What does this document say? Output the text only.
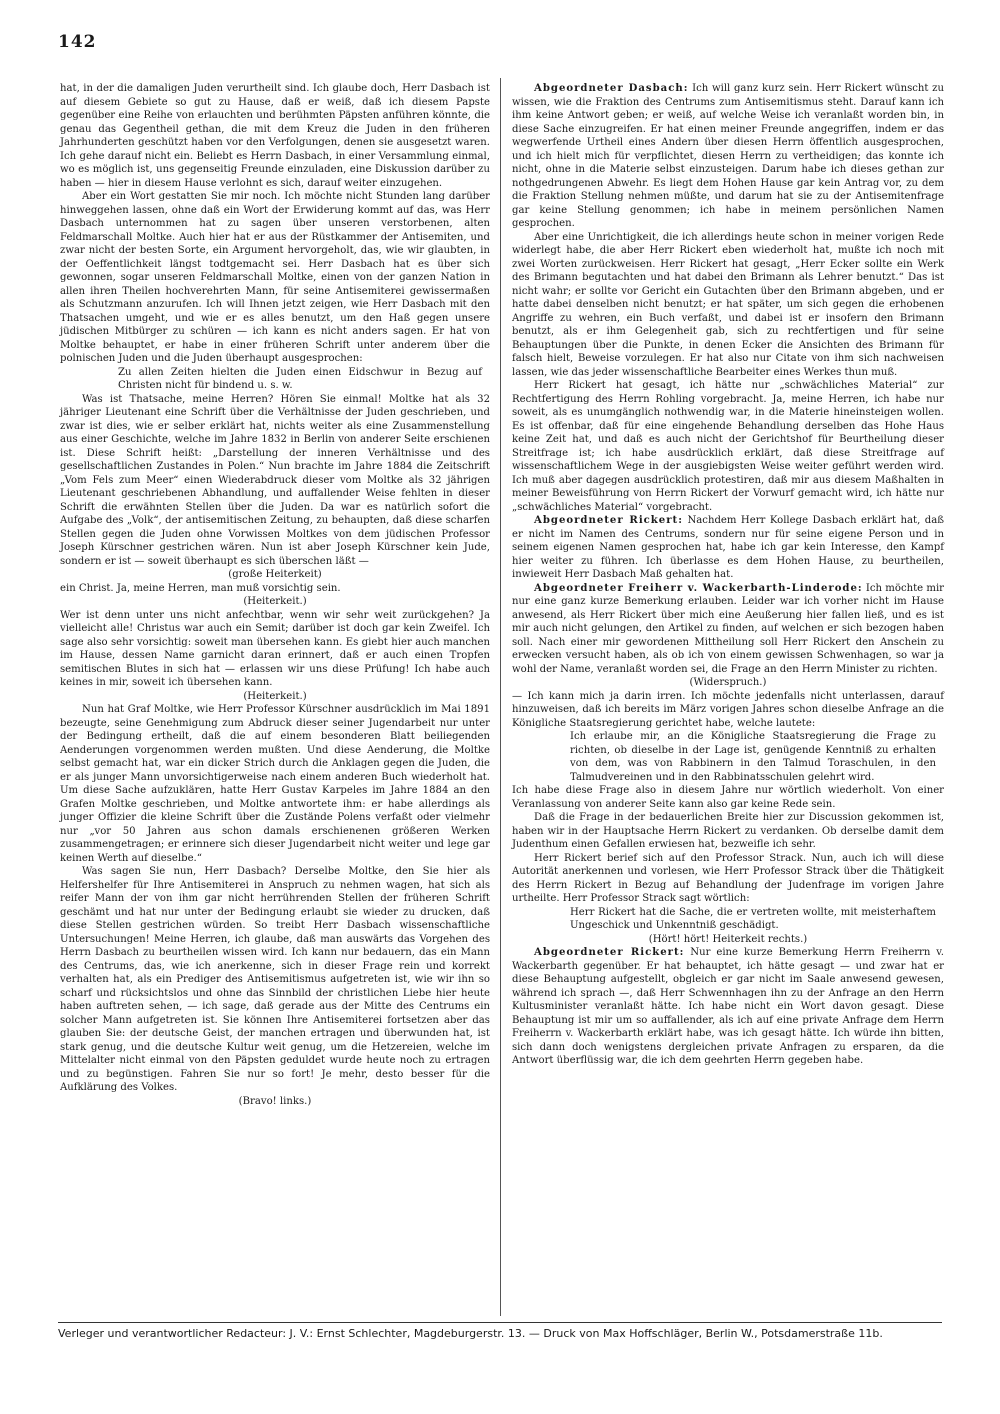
142

hat, in der die damaligen Juden verurtheilt sind. Ich glaube doch, Herr Dasbach ist auf diesem Gebiete so gut zu Hause, daß er weiß, daß ich diesem Papste gegenüber eine Reihe von erlauchten und berühmten Päpsten anführen könnte, die genau das Gegentheil gethan, die mit dem Kreuz die Juden in den früheren Jahrhunderten geschützt haben vor den Verfolgungen, denen sie ausgesetzt waren. Ich gehe darauf nicht ein. Beliebt es Herrn Dasbach, in einer Versammlung einmal, wo es möglich ist, uns gegenseitig Freunde einzuladen, eine Diskussion darüber zu haben — hier in diesem Hause verlohnt es sich, darauf weiter einzugehen.

Aber ein Wort gestatten Sie mir noch. Ich möchte nicht Stunden lang darüber hinweggehen lassen, ohne daß ein Wort der Erwiderung kommt auf das, was Herr Dasbach unternommen hat zu sagen über unseren verstorbenen, alten Feldmarschall Moltke. Auch hier hat er aus der Rüstkammer der Antisemiten, und zwar nicht der besten Sorte, ein Argument hervorgeholt, das, wie wir glaubten, in der Oeffentlichkeit längst todtgemacht sei. Herr Dasbach hat es über sich gewonnen, sogar unseren Feldmarschall Moltke, einen von der ganzen Nation in allen ihren Theilen hochverehrten Mann, für seine Antisemiterei gewissermaßen als Schutzmann anzurufen. Ich will Ihnen jetzt zeigen, wie Herr Dasbach mit den Thatsachen umgeht, und wie er es alles benutzt, um den Haß gegen unsere jüdischen Mitbürger zu schüren — ich kann es nicht anders sagen. Er hat von Moltke behauptet, er habe in einer früheren Schrift unter anderem über die polnischen Juden und die Juden überhaupt ausgesprochen:

Zu allen Zeiten hielten die Juden einen Eidschwur in Bezug auf Christen nicht für bindend u. s. w.

Was ist Thatsache, meine Herren? Hören Sie einmal! Moltke hat als 32 jähriger Lieutenant eine Schrift über die Verhältnisse der Juden geschrieben, und zwar ist dies, wie er selber erklärt hat, nichts weiter als eine Zusammenstellung aus einer Geschichte, welche im Jahre 1832 in Berlin von anderer Seite erschienen ist. Diese Schrift heißt: „Darstellung der inneren Verhältnisse und des gesellschaftlichen Zustandes in Polen.“ Nun brachte im Jahre 1884 die Zeitschrift „Vom Fels zum Meer“ einen Wiederabdruck dieser vom Moltke als 32 jährigen Lieutenant geschriebenen Abhandlung, und auffallender Weise fehlten in dieser Schrift die erwähnten Stellen über die Juden. Da war es natürlich sofort die Aufgabe des „Volk“, der antisemitischen Zeitung, zu behaupten, daß diese scharfen Stellen gegen die Juden ohne Vorwissen Moltkes von dem jüdischen Professor Joseph Kürschner gestrichen wären. Nun ist aber Joseph Kürschner kein Jude, sondern er ist — soweit überhaupt es sich überschen läßt —

(große Heiterkeit)

ein Christ. Ja, meine Herren, man muß vorsichtig sein.

(Heiterkeit.)

Wer ist denn unter uns nicht anfechtbar, wenn wir sehr weit zurückgehen? Ja vielleicht alle! Christus war auch ein Semit; darüber ist doch gar kein Zweifel. Ich sage also sehr vorsichtig: soweit man übersehen kann. Es giebt hier auch manchen im Hause, dessen Name garnicht daran erinnert, daß er auch einen Tropfen semitischen Blutes in sich hat — erlassen wir uns diese Prüfung! Ich habe auch keines in mir, soweit ich übersehen kann.

(Heiterkeit.)

Nun hat Graf Moltke, wie Herr Professor Kürschner ausdrücklich im Mai 1891 bezeugte, seine Genehmigung zum Abdruck dieser seiner Jugendarbeit nur unter der Bedingung ertheilt, daß die auf einem besonderen Blatt beiliegenden Aenderungen vorgenommen werden mußten. Und diese Aenderung, die Moltke selbst gemacht hat, war ein dicker Strich durch die Anklagen gegen die Juden, die er als junger Mann unvorsichtigerweise nach einem anderen Buch wiederholt hat. Um diese Sache aufzuklären, hatte Herr Gustav Karpeles im Jahre 1884 an den Grafen Moltke geschrieben, und Moltke antwortete ihm: er habe allerdings als junger Offizier die kleine Schrift über die Zustände Polens verfaßt oder vielmehr nur „vor 50 Jahren aus schon damals erschienenen größeren Werken zusammengetragen; er erinnere sich dieser Jugendarbeit nicht weiter und lege gar keinen Werth auf dieselbe.“

Was sagen Sie nun, Herr Dasbach? Derselbe Moltke, den Sie hier als Helfershelfer für Ihre Antisemiterei in Anspruch zu nehmen wagen, hat sich als reifer Mann der von ihm gar nicht herrührenden Stellen der früheren Schrift geschämt und hat nur unter der Bedingung erlaubt sie wieder zu drucken, daß diese Stellen gestrichen würden. So treibt Herr Dasbach wissenschaftliche Untersuchungen! Meine Herren, ich glaube, daß man auswärts das Vorgehen des Herrn Dasbach zu beurtheilen wissen wird. Ich kann nur bedauern, das ein Mann des Centrums, das, wie ich anerkenne, sich in dieser Frage rein und korrekt verhalten hat, als ein Prediger des Antisemitismus aufgetreten ist, wie wir ihn so scharf und rücksichtslos und ohne das Sinnbild der christlichen Liebe hier heute haben auftreten sehen, — ich sage, daß gerade aus der Mitte des Centrums ein solcher Mann aufgetreten ist. Sie können Ihre Antisemiterei fortsetzen aber das glauben Sie: der deutsche Geist, der manchen ertragen und überwunden hat, ist stark genug, und die deutsche Kultur weit genug, um die Hetzereien, welche im Mittelalter nicht einmal von den Päpsten geduldet wurde heute noch zu ertragen und zu begünstigen. Fahren Sie nur so fort! Je mehr, desto besser für die Aufklärung des Volkes.

(Bravo! links.)

Abgeordneter Dasbach: Ich will ganz kurz sein. Herr Rickert wünscht zu wissen, wie die Fraktion des Centrums zum Antisemitismus steht. Darauf kann ich ihm keine Antwort geben; er weiß, auf welche Weise ich veranlaßt worden bin, in diese Sache einzugreifen. Er hat einen meiner Freunde angegriffen, indem er das wegwerfende Urtheil eines Andern über diesen Herrn öffentlich ausgesprochen, und ich hielt mich für verpflichtet, diesen Herrn zu vertheidigen; das konnte ich nicht, ohne in die Materie selbst einzusteigen. Darum habe ich dieses gethan zur nothgedrungenen Abwehr. Es liegt dem Hohen Hause gar kein Antrag vor, zu dem die Fraktion Stellung nehmen müßte, und darum hat sie zu der Antisemitenfrage gar keine Stellung genommen; ich habe in meinem persönlichen Namen gesprochen.

Aber eine Unrichtigkeit, die ich allerdings heute schon in meiner vorigen Rede widerlegt habe, die aber Herr Rickert eben wiederholt hat, mußte ich noch mit zwei Worten zurückweisen. Herr Rickert hat gesagt, „Herr Ecker sollte ein Werk des Brimann begutachten und hat dabei den Brimann als Lehrer benutzt.“ Das ist nicht wahr; er sollte vor Gericht ein Gutachten über den Brimann abgeben, und er hatte dabei denselben nicht benutzt; er hat später, um sich gegen die erhobenen Angriffe zu wehren, ein Buch verfaßt, und dabei ist er insofern den Brimann benutzt, als er ihm Gelegenheit gab, sich zu rechtfertigen und für seine Behauptungen über die Punkte, in denen Ecker die Ansichten des Brimann für falsch hielt, Beweise vorzulegen. Er hat also nur Citate von ihm sich nachweisen lassen, wie das jeder wissenschaftliche Bearbeiter eines Werkes thun muß.

Herr Rickert hat gesagt, ich hätte nur „schwächliches Material“ zur Rechtfertigung des Herrn Rohling vorgebracht. Ja, meine Herren, ich habe nur soweit, als es unumgänglich nothwendig war, in die Materie hineinsteigen wollen. Es ist offenbar, daß für eine eingehende Behandlung derselben das Hohe Haus keine Zeit hat, und daß es auch nicht der Gerichtshof für Beurtheilung dieser Streitfrage ist; ich habe ausdrücklich erklärt, daß diese Streitfrage auf wissenschaftlichem Wege in der ausgiebigsten Weise weiter geführt werden wird. Ich muß aber dagegen ausdrücklich protestiren, daß mir aus diesem Maßhalten in meiner Beweisführung von Herrn Rickert der Vorwurf gemacht wird, ich hätte nur „schwächliches Material“ vorgebracht.

Abgeordneter Rickert: Nachdem Herr Kollege Dasbach erklärt hat, daß er nicht im Namen des Centrums, sondern nur für seine eigene Person und in seinem eigenen Namen gesprochen hat, habe ich gar kein Interesse, den Kampf hier weiter zu führen. Ich überlasse es dem Hohen Hause, zu beurtheilen, inwieweit Herr Dasbach Maß gehalten hat.

Abgeordneter Freiherr v. Wackerbarth-Linderode: Ich möchte mir nur eine ganz kurze Bemerkung erlauben. Leider war ich vorher nicht im Hause anwesend, als Herr Rickert über mich eine Aeußerung hier fallen ließ, und es ist mir auch nicht gelungen, den Artikel zu finden, auf welchen er sich bezogen haben soll. Nach einer mir gewordenen Mittheilung soll Herr Rickert den Anschein zu erwecken versucht haben, als ob ich von einem gewissen Schwenhagen, so war ja wohl der Name, veranlaßt worden sei, die Frage an den Herrn Minister zu richten.

(Widerspruch.)

— Ich kann mich ja darin irren. Ich möchte jedenfalls nicht unterlassen, darauf hinzuweisen, daß ich bereits im März vorigen Jahres schon dieselbe Anfrage an die Königliche Staatsregierung gerichtet habe, welche lautete:

Ich erlaube mir, an die Königliche Staatsregierung die Frage zu richten, ob dieselbe in der Lage ist, genügende Kenntniß zu erhalten von dem, was von Rabbinern in den Talmud Toraschulen, in den Talmudvereinen und in den Rabbinatsschulen gelehrt wird.

Ich habe diese Frage also in diesem Jahre nur wörtlich wiederholt. Von einer Veranlassung von anderer Seite kann also gar keine Rede sein.

Daß die Frage in der bedauerlichen Breite hier zur Discussion gekommen ist, haben wir in der Hauptsache Herrn Rickert zu verdanken. Ob derselbe damit dem Judenthum einen Gefallen erwiesen hat, bezweifle ich sehr.

Herr Rickert berief sich auf den Professor Strack. Nun, auch ich will diese Autorität anerkennen und vorlesen, wie Herr Professor Strack über die Thätigkeit des Herrn Rickert in Bezug auf Behandlung der Judenfrage im vorigen Jahre urtheilte. Herr Professor Strack sagt wörtlich:

Herr Rickert hat die Sache, die er vertreten wollte, mit meisterhaftem Ungeschick und Unkenntniß geschädigt.

(Hört! hört! Heiterkeit rechts.)

Abgeordneter Rickert: Nur eine kurze Bemerkung Herrn Freiherrn v. Wackerbarth gegenüber. Er hat behauptet, ich hätte gesagt — und zwar hat er diese Behauptung aufgestellt, obgleich er gar nicht im Saale anwesend gewesen, während ich sprach —, daß Herr Schwennhagen ihn zu der Anfrage an den Herrn Kultusminister veranlaßt hätte. Ich habe nicht ein Wort davon gesagt. Diese Behauptung ist mir um so auffallender, als ich auf eine private Anfrage dem Herrn Freiherrn v. Wackerbarth erklärt habe, was ich gesagt hätte. Ich würde ihn bitten, sich dann doch wenigstens dergleichen private Anfragen zu ersparen, da die Antwort überflüssig war, die ich dem geehrten Herrn gegeben habe.

Verleger und verantwortlicher Redacteur: J. V.: Ernst Schlechter, Magdeburgerstr. 13. — Druck von Max Hoffschläger, Berlin W., Potsdamerstraße 11b.
